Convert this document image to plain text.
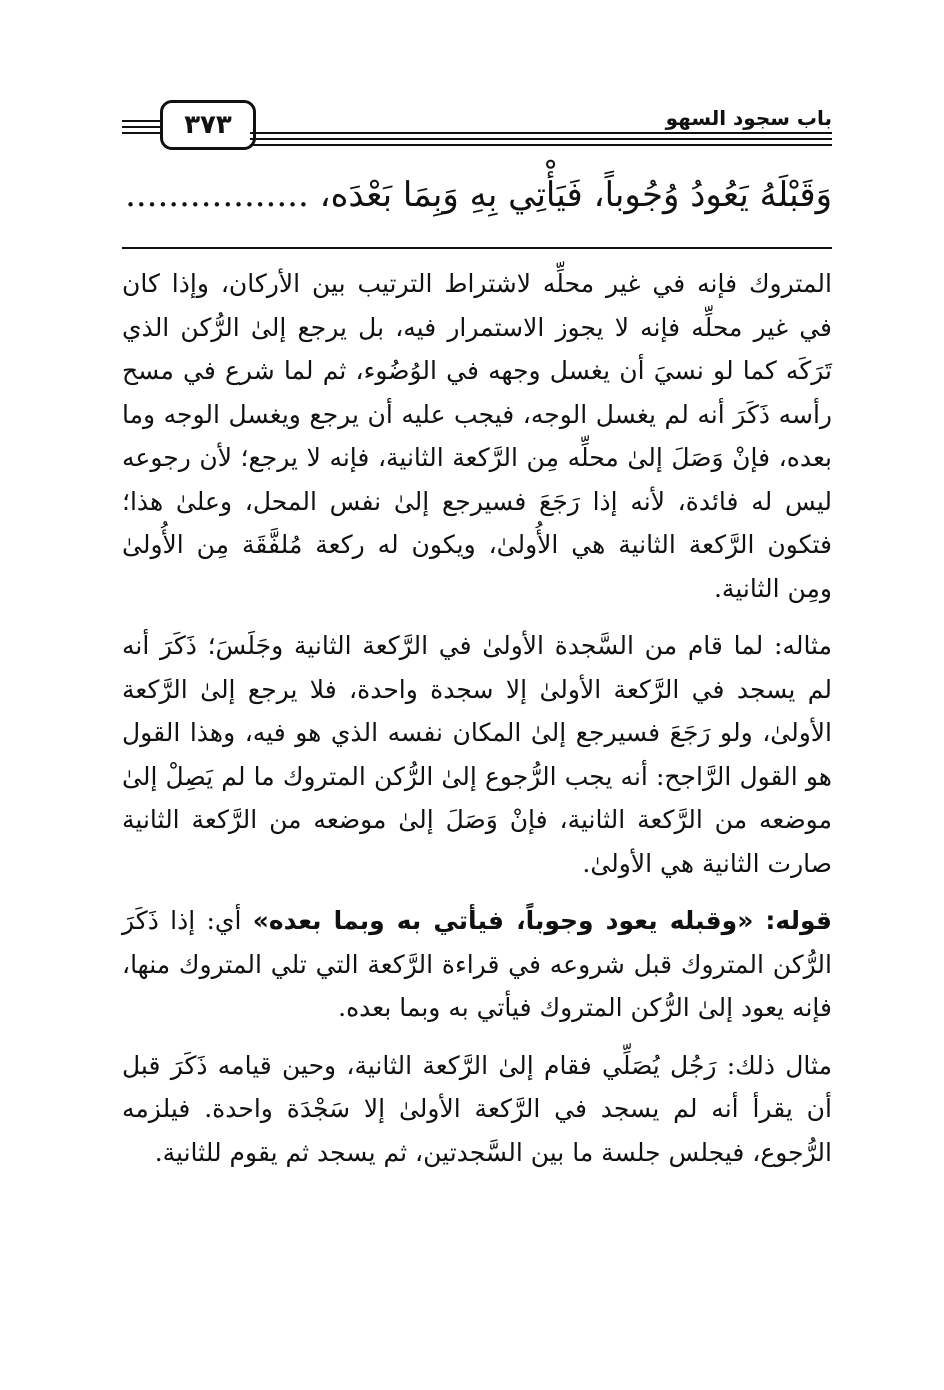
٣٧٣	باب سجود السهو
وَقَبْلَهُ يَعُودُ وُجُوباً، فَيَأْتِي بِهِ وَبِمَا بَعْدَه، .................

المتروك فإنه في غير محلِّه لاشتراط الترتيب بين الأركان، وإذا كان في غير محلِّه فإنه لا يجوز الاستمرار فيه، بل يرجع إلىٰ الرُّكن الذي تَرَكَه كما لو نسيَ أن يغسل وجهه في الوُضُوء، ثم لما شرع في مسح رأسه ذَكَرَ أنه لم يغسل الوجه، فيجب عليه أن يرجع ويغسل الوجه وما بعده، فإنْ وَصَلَ إلىٰ محلِّه مِن الرَّكعة الثانية، فإنه لا يرجع؛ لأن رجوعه ليس له فائدة، لأنه إذا رَجَعَ فسيرجع إلىٰ نفس المحل، وعلىٰ هذا؛ فتكون الرَّكعة الثانية هي الأُولىٰ، ويكون له ركعة مُلفَّقَة مِن الأُولىٰ ومِن الثانية.

مثاله: لما قام من السَّجدة الأولىٰ في الرَّكعة الثانية وجَلَسَ؛ ذَكَرَ أنه لم يسجد في الرَّكعة الأولىٰ إلا سجدة واحدة، فلا يرجع إلىٰ الرَّكعة الأولىٰ، ولو رَجَعَ فسيرجع إلىٰ المكان نفسه الذي هو فيه، وهذا القول هو القول الرَّاجح: أنه يجب الرُّجوع إلىٰ الرُّكن المتروك ما لم يَصِلْ إلىٰ موضعه من الرَّكعة الثانية، فإنْ وَصَلَ إلىٰ موضعه من الرَّكعة الثانية صارت الثانية هي الأولىٰ.

قوله: «وقبله يعود وجوباً، فيأتي به وبما بعده» أي: إذا ذَكَرَ الرُّكن المتروك قبل شروعه في قراءة الرَّكعة التي تلي المتروك منها، فإنه يعود إلىٰ الرُّكن المتروك فيأتي به وبما بعده.

مثال ذلك: رَجُل يُصَلِّي فقام إلىٰ الرَّكعة الثانية، وحين قيامه ذَكَرَ قبل أن يقرأ أنه لم يسجد في الرَّكعة الأولىٰ إلا سَجْدَة واحدة. فيلزمه الرُّجوع، فيجلس جلسة ما بين السَّجدتين، ثم يسجد ثم يقوم للثانية.
